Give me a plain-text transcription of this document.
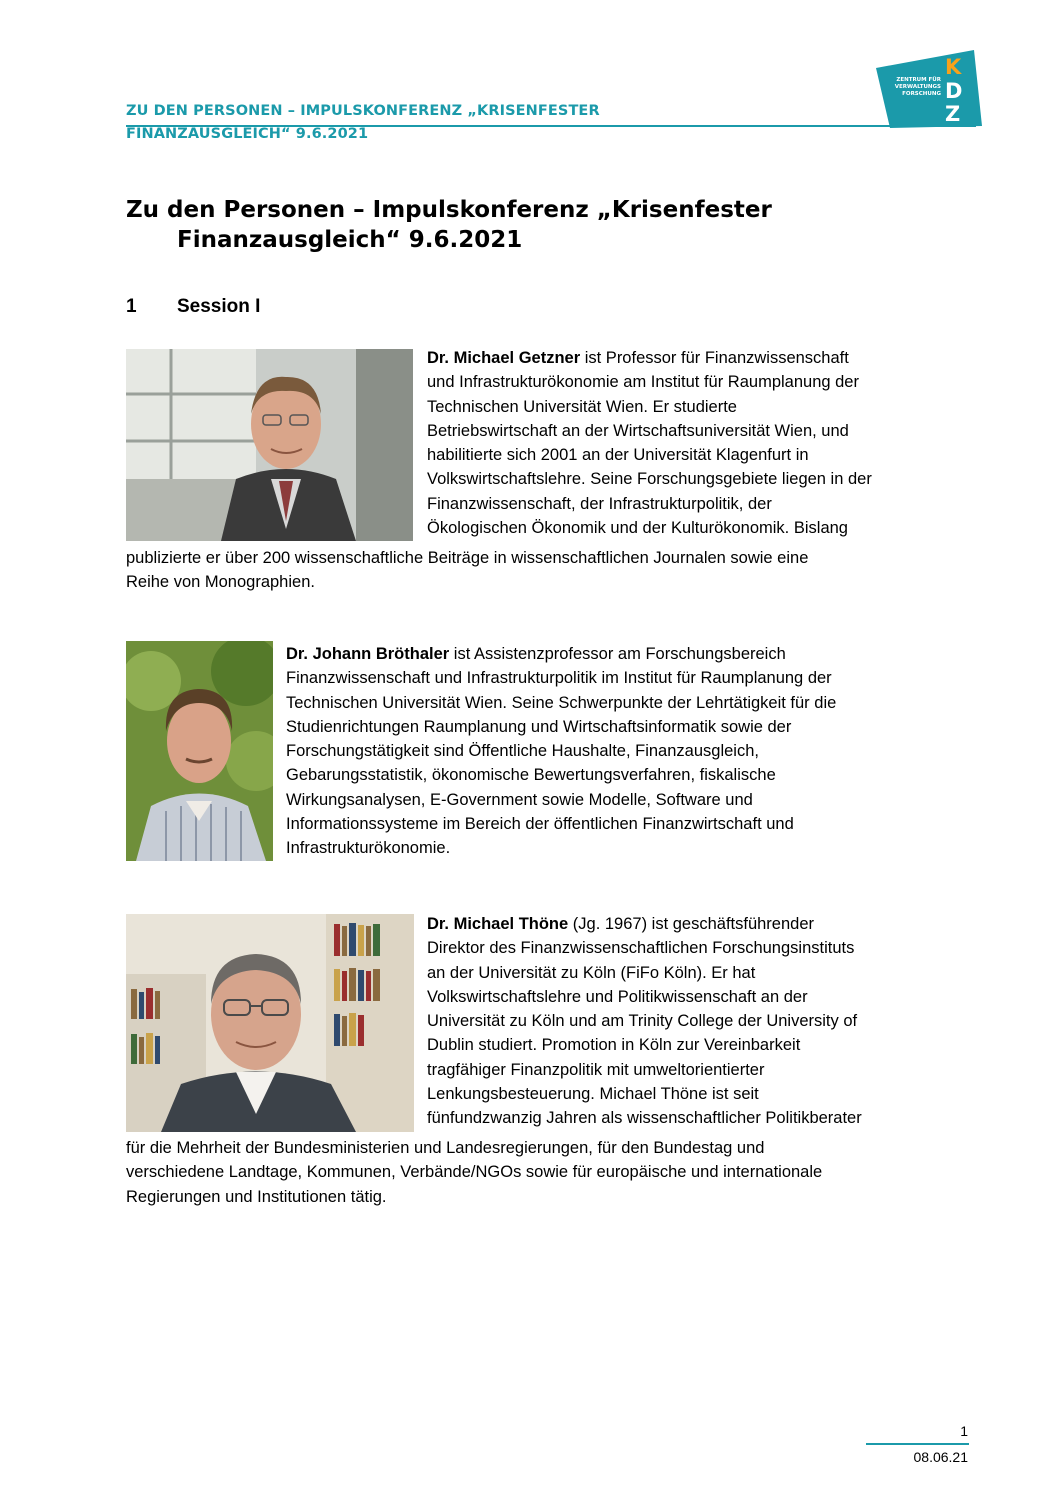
ZU DEN PERSONEN – IMPULSKONFERENZ „KRISENFESTER
FINANZAUSGLEICH“ 9.6.2021
ZENTRUM FÜR
VERWALTUNGS
FORSCHUNG
K
D
Z
Zu den Personen – Impulskonferenz „Krisenfester
Finanzausgleich“ 9.6.2021
1 Session I

Dr. Michael Getzner ist Professor für Finanzwissenschaft
und Infrastrukturökonomie am Institut für Raumplanung der
Technischen Universität Wien. Er studierte
Betriebswirtschaft an der Wirtschaftsuniversität Wien, und
habilitierte sich 2001 an der Universität Klagenfurt in
Volkswirtschaftslehre. Seine Forschungsgebiete liegen in der
Finanzwissenschaft, der Infrastrukturpolitik, der
Ökologischen Ökonomik und der Kulturökonomik. Bislang

publizierte er über 200 wissenschaftliche Beiträge in wissenschaftlichen Journalen sowie eine
Reihe von Monographien.

Dr. Johann Bröthaler ist Assistenzprofessor am Forschungsbereich
Finanzwissenschaft und Infrastrukturpolitik im Institut für Raumplanung der
Technischen Universität Wien. Seine Schwerpunkte der Lehrtätigkeit für die
Studienrichtungen Raumplanung und Wirtschaftsinformatik sowie der
Forschungstätigkeit sind Öffentliche Haushalte, Finanzausgleich,
Gebarungsstatistik, ökonomische Bewertungsverfahren, fiskalische
Wirkungsanalysen, E-Government sowie Modelle, Software und
Informationssysteme im Bereich der öffentlichen Finanzwirtschaft und
Infrastrukturökonomie.

Dr. Michael Thöne (Jg. 1967) ist geschäftsführender
Direktor des Finanzwissenschaftlichen Forschungsinstituts
an der Universität zu Köln (FiFo Köln). Er hat
Volkswirtschaftslehre und Politikwissenschaft an der
Universität zu Köln und am Trinity College der University of
Dublin studiert. Promotion in Köln zur Vereinbarkeit
tragfähiger Finanzpolitik mit umweltorientierter
Lenkungsbesteuerung. Michael Thöne ist seit
fünfundzwanzig Jahren als wissenschaftlicher Politikberater

für die Mehrheit der Bundesministerien und Landesregierungen, für den Bundestag und
verschiedene Landtage, Kommunen, Verbände/NGOs sowie für europäische und internationale
Regierungen und Institutionen tätig.

1
08.06.21
